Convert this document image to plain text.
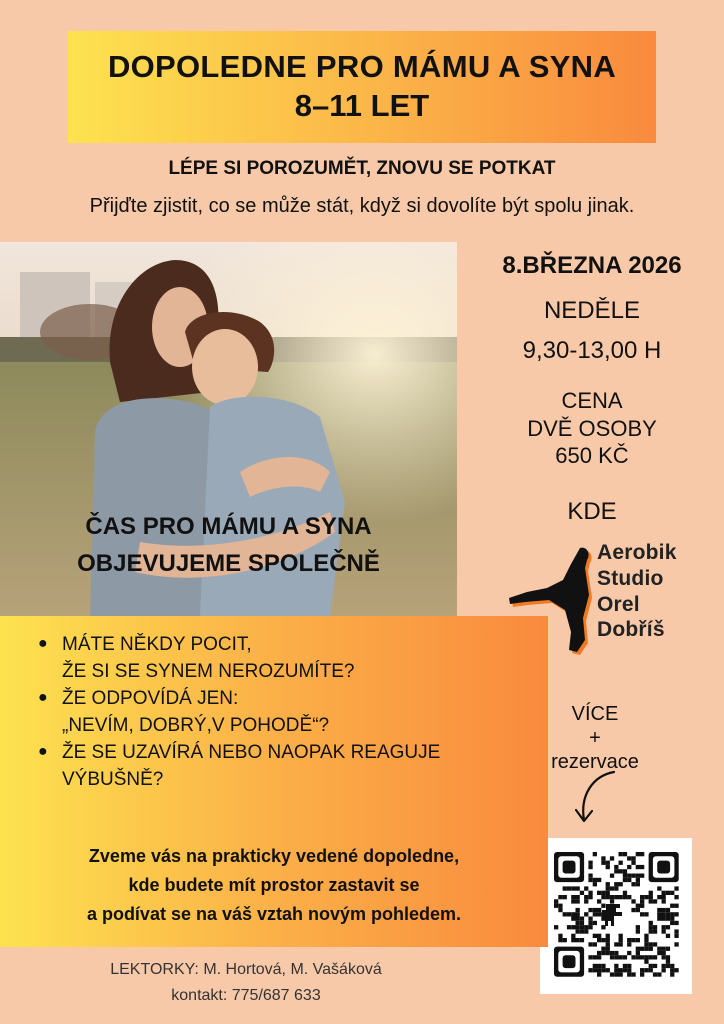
DOPOLEDNE PRO MÁMU A SYNA
8–11 LET
LÉPE SI POROZUMĚT, ZNOVU SE POTKAT
Přijďte zjistit, co se může stát, když si dovolíte být spolu jinak.
ČAS PRO MÁMU A SYNA
OBJEVUJEME SPOLEČNĚ
8.BŘEZNA 2026
NEDĚLE
9,30-13,00 H
CENA
DVĚ OSOBY
650 KČ
KDE
Aerobik
Studio
Orel
Dobříš
VÍCE
+
rezervace
● MÁTE NĚKDY POCIT,
ŽE SI SE SYNEM NEROZUMÍTE?
● ŽE ODPOVÍDÁ JEN:
„NEVÍM, DOBRÝ,V POHODĚ“?
● ŽE SE UZAVÍRÁ NEBO NAOPAK REAGUJE
VÝBUŠNĚ?
Zveme vás na prakticky vedené dopoledne,
kde budete mít prostor zastavit se
a podívat se na váš vztah novým pohledem.
LEKTORKY: M. Hortová, M. Vašáková
kontakt: 775/687 633
